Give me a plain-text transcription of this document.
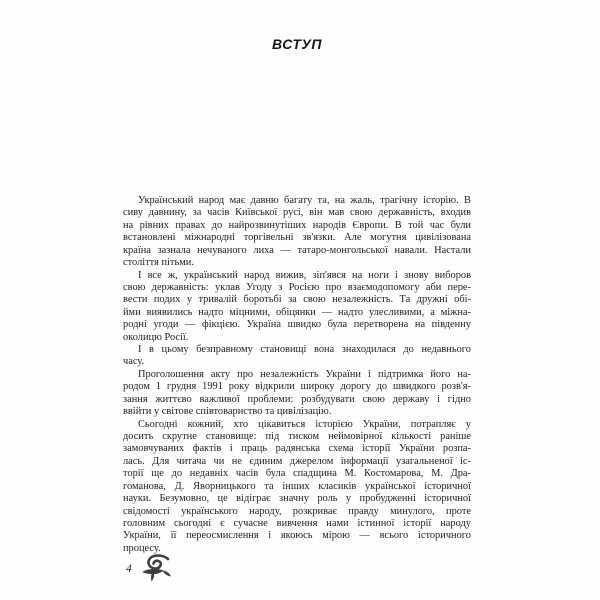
ВСТУП
Український народ має давню багату та, на жаль, трагічну історію. В
сиву давнину, за часів Київської русі, він мав свою державність, входив
на рівних правах до найрозвинутіших народів Європи. В той час були
встановлені міжнародні торгівельні зв'язки. Але могутня цивілізована
країна зазнала нечуваного лиха — татаро-монгольської навали. Настали
століття пітьми.
І все ж, український народ вижив, зіп'явся на ноги і знову виборов
свою державність: уклав Угоду з Росією про взаємодопомогу аби пере-
вести подих у тривалій боротьбі за свою незалежність. Та дружні обі-
йми виявились надто міцними, обіцянки — надто улесливими, а міжна-
родні угоди — фікцією. Україна швидко була перетворена на південну
околицю Росії.
І в цьому безправному становищі вона знаходилася до недавнього
часу.
Проголошення акту про незалежність України і підтримка його на-
родом 1 грудня 1991 року відкрили широку дорогу до швидкого розв'я-
зання життєво важливої проблеми: розбудувати свою державу і гідно
ввійти у світове співтовариство та цивілізацію.
Сьогодні кожний, хто цікавиться історією України, потрапляє у
досить скрутне становище: під тиском неймовірної кількості раніше
замовчуваних фактів і праць радянська схема історії України розпа-
лась. Для читача чи не єдиним джерелом інформації узагальненої іс-
торії ще до недавніх часів була спадщина М. Костомарова, М. Дра-
гоманова, Д. Яворницького та інших класиків української історичної
науки. Безумовно, це відіграє значну роль у пробудженні історичної
свідомості українського народу, розкриває правду минулого, проте
головним сьогодні є сучасне вивчення нами істинної історії народу
України, її переосмислення і якоюсь мірою — всього історичного
процесу.
4
